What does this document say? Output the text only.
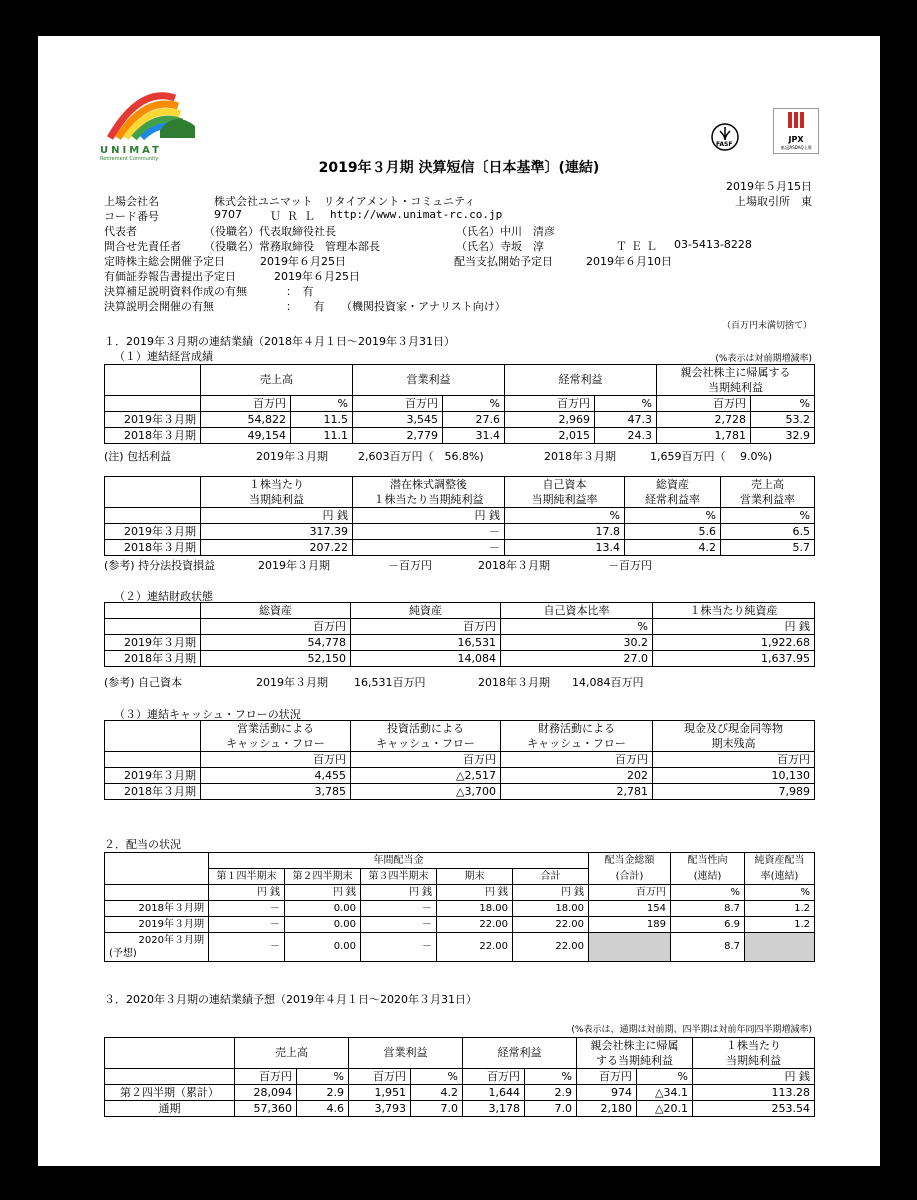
UNIMAT
Retirement Community
FASF
JPX
東証JASDAQ上場
2019年３月期 決算短信〔日本基準〕(連結)
2019年５月15日
上場取引所　東
上場会社名	株式会社ユニマット　リタイアメント・コミュニティ
コード番号	9707	ＵＲＬ http://www.unimat-rc.co.jp
代表者	（役職名）代表取締役社長	（氏名）中川　清彦
問合せ先責任者 （役職名）常務取締役　管理本部長	（氏名）寺坂　淳	ＴＥＬ 03-5413-8228
定時株主総会開催予定日	2019年６月25日	配当支払開始予定日	2019年６月10日
有価証券報告書提出予定日	2019年６月25日
決算補足説明資料作成の有無	：　有
決算説明会開催の有無	：　　有　　（機関投資家・アナリスト向け）
（百万円未満切捨て）
１．2019年３月期の連結業績（2018年４月１日～2019年３月31日）
（１）連結経営成績	(%表示は対前期増減率)
	売上高		営業利益		経常利益		親会社株主に帰属する	
							当期純利益	
	百万円	%	百万円	%	百万円	%	百万円	%
2019年３月期	54,822	11.5	3,545	27.6	2,969	47.3	2,728	53.2
2018年３月期	49,154	11.1	2,779	31.4	2,015	24.3	1,781	32.9
(注) 包括利益	2019年３月期	2,603百万円（　56.8%)	2018年３月期	1,659百万円（　 9.0%)
	１株当たり	潜在株式調整後	自己資本	総資産	売上高
	当期純利益	１株当たり当期純利益	当期純利益率	経常利益率	営業利益率
	円 銭	円 銭	%	%	%
2019年３月期	317.39	－	17.8	5.6	6.5
2018年３月期	207.22	－	13.4	4.2	5.7
(参考) 持分法投資損益	2019年３月期	－百万円	2018年３月期	－百万円
（２）連結財政状態
	総資産	純資産	自己資本比率	１株当たり純資産
	百万円	百万円	%	円 銭
2019年３月期	54,778	16,531	30.2	1,922.68
2018年３月期	52,150	14,084	27.0	1,637.95
(参考) 自己資本	2019年３月期 16,531百万円	2018年３月期 14,084百万円
（３）連結キャッシュ・フローの状況
	営業活動による	投資活動による	財務活動による	現金及び現金同等物
	キャッシュ・フロー	キャッシュ・フロー	キャッシュ・フロー	期末残高
	百万円	百万円	百万円	百万円
2019年３月期	4,455	△2,517	202	10,130
2018年３月期	3,785	△3,700	2,781	7,989
２．配当の状況
	年間配当金					配当金総額	配当性向	純資産配当
	第１四半期末	第２四半期末	第３四半期末	期末	合計	(合計)	(連結)	率(連結)
	円 銭	円 銭	円 銭	円 銭	円 銭	百万円	%	%
2018年３月期	－	0.00	－	18.00	18.00	154	8.7	1.2
2019年３月期	－	0.00	－	22.00	22.00	189	6.9	1.2

2020年３月期
(予想)	－	0.00	－	22.00	22.00		8.7	
３．2020年３月期の連結業績予想（2019年４月１日～2020年３月31日）
(%表示は、通期は対前期、四半期は対前年同四半期増減率)
	売上高		営業利益		経常利益		親会社株主に帰属		１株当たり
							する当期純利益		当期純利益
	百万円	%	百万円	%	百万円	%	百万円	%	円 銭
第２四半期（累計）	28,094	2.9	1,951	4.2	1,644	2.9	974	△34.1	113.28
通期	57,360	4.6	3,793	7.0	3,178	7.0	2,180	△20.1	253.54
